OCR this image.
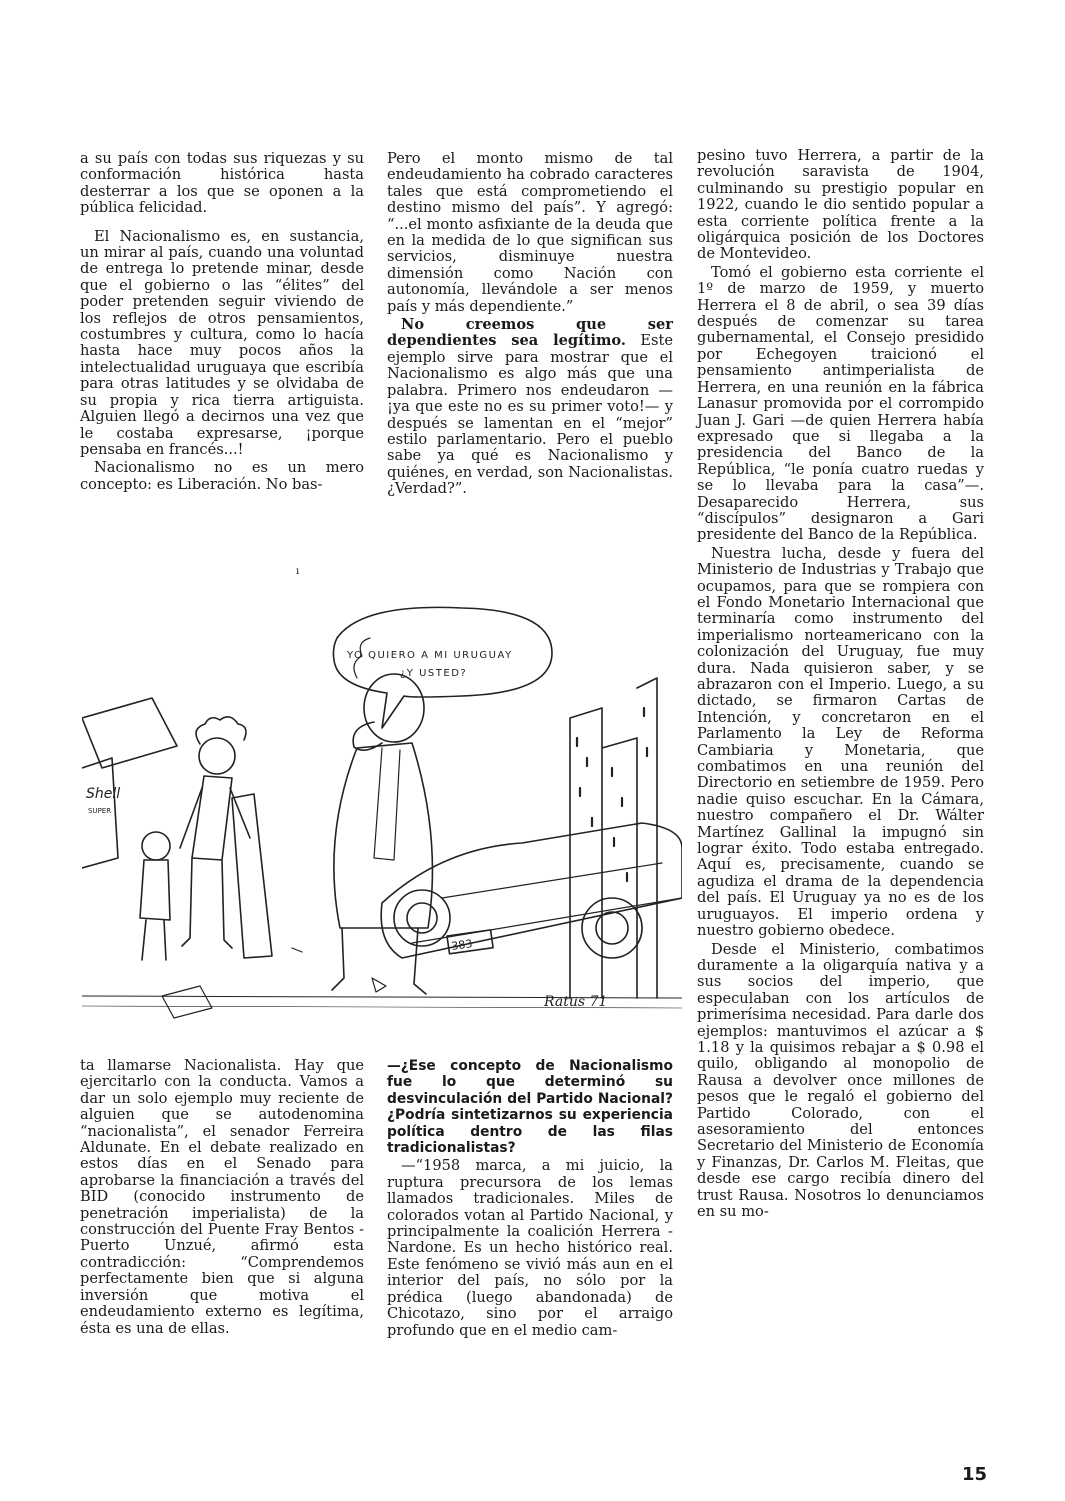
a su país con todas sus riquezas y su conformación histórica hasta desterrar a los que se oponen a la pública felicidad.

El Nacionalismo es, en sustancia, un mirar al país, cuando una voluntad de entrega lo pretende minar, desde que el gobierno o las “élites” del poder pretenden seguir viviendo de los reflejos de otros pensamientos, costumbres y cultura, como lo hacía hasta hace muy pocos años la intelectualidad uruguaya que escribía para otras latitudes y se olvidaba de su propia y rica tierra artiguista. Alguien llegó a decirnos una vez que le costaba expresarse, ¡porque pensaba en francés...!

Nacionalismo no es un mero concepto: es Liberación. No bas-

Pero el monto mismo de tal endeudamiento ha cobrado caracteres tales que está comprometiendo el destino mismo del país”. Y agregó: “...el monto asfixiante de la deuda que en la medida de lo que significan sus servicios, disminuye nuestra dimensión como Nación con autonomía, llevándole a ser menos país y más dependiente.”

No creemos que ser dependientes sea legítimo. Este ejemplo sirve para mostrar que el Nacionalismo es algo más que una palabra. Primero nos endeudaron —¡ya que este no es su primer voto!— y después se lamentan en el “mejor” estilo parlamentario. Pero el pueblo sabe ya qué es Nacionalismo y quiénes, en verdad, son Nacionalistas. ¿Verdad?”.

ı

pesino tuvo Herrera, a partir de la revolución saravista de 1904, culminando su prestigio popular en 1922, cuando le dio sentido popular a esta corriente política frente a la oligárquica posición de los Doctores de Montevideo.

Tomó el gobierno esta corriente el 1º de marzo de 1959, y muerto Herrera el 8 de abril, o sea 39 días después de comenzar su tarea gubernamental, el Consejo presidido por Echegoyen traicionó el pensamiento antimperialista de Herrera, en una reunión en la fábrica Lanasur promovida por el corrompido Juan J. Gari —de quien Herrera había expresado que si llegaba a la presidencia del Banco de la República, “le ponía cuatro ruedas y se lo llevaba para la casa”—. Desaparecido Herrera, sus “discípulos” designaron a Gari presidente del Banco de la República.

Nuestra lucha, desde y fuera del Ministerio de Industrias y Trabajo que ocupamos, para que se rompiera con el Fondo Monetario Internacional que terminaría como instrumento del imperialismo norteamericano con la colonización del Uruguay, fue muy dura. Nada quisieron saber, y se abrazaron con el Imperio. Luego, a su dictado, se firmaron Cartas de Intención, y concretaron en el Parlamento la Ley de Reforma Cambiaria y Monetaria, que combatimos en una reunión del Directorio en setiembre de 1959. Pero nadie quiso escuchar. En la Cámara, nuestro compañero el Dr. Wálter Martínez Gallinal la impugnó sin lograr éxito. Todo estaba entregado. Aquí es, precisamente, cuando se agudiza el drama de la dependencia del país. El Uruguay ya no es de los uruguayos. El imperio ordena y nuestro gobierno obedece.

Desde el Ministerio, combatimos duramente a la oligarquía nativa y a sus socios del imperio, que especulaban con los artículos de primerísima necesidad. Para darle dos ejemplos: mantuvimos el azúcar a $ 1.18 y la quisimos rebajar a $ 0.98 el quilo, obligando al monopolio de Rausa a devolver once millones de pesos que le regaló el gobierno del Partido Colorado, con el asesoramiento del entonces Secretario del Ministerio de Economía y Finanzas, Dr. Carlos M. Fleitas, que desde ese cargo recibía dinero del trust Rausa. Nosotros lo denunciamos en su mo-

YO QUIERO A MI URUGUAY
¿Y USTED?
Shell
SUPER
383
Ratus 71

ta llamarse Nacionalista. Hay que ejercitarlo con la conducta. Vamos a dar un solo ejemplo muy reciente de alguien que se autodenomina “nacionalista”, el senador Ferreira Aldunate. En el debate realizado en estos días en el Senado para aprobarse la financiación a través del BID (conocido instrumento de penetración imperialista) de la construcción del Puente Fray Bentos - Puerto Unzué, afirmó esta contradicción: “Comprendemos perfectamente bien que si alguna inversión que motiva el endeudamiento externo es legítima, ésta es una de ellas.

—¿Ese concepto de Nacionalismo fue lo que determinó su desvinculación del Partido Nacional? ¿Podría sintetizarnos su experiencia política dentro de las filas tradicionalistas?

—“1958 marca, a mi juicio, la ruptura precursora de los lemas llamados tradicionales. Miles de colorados votan al Partido Nacional, y principalmente la coalición Herrera - Nardone. Es un hecho histórico real. Este fenómeno se vivió más aun en el interior del país, no sólo por la prédica (luego abandonada) de Chicotazo, sino por el arraigo profundo que en el medio cam-

15
